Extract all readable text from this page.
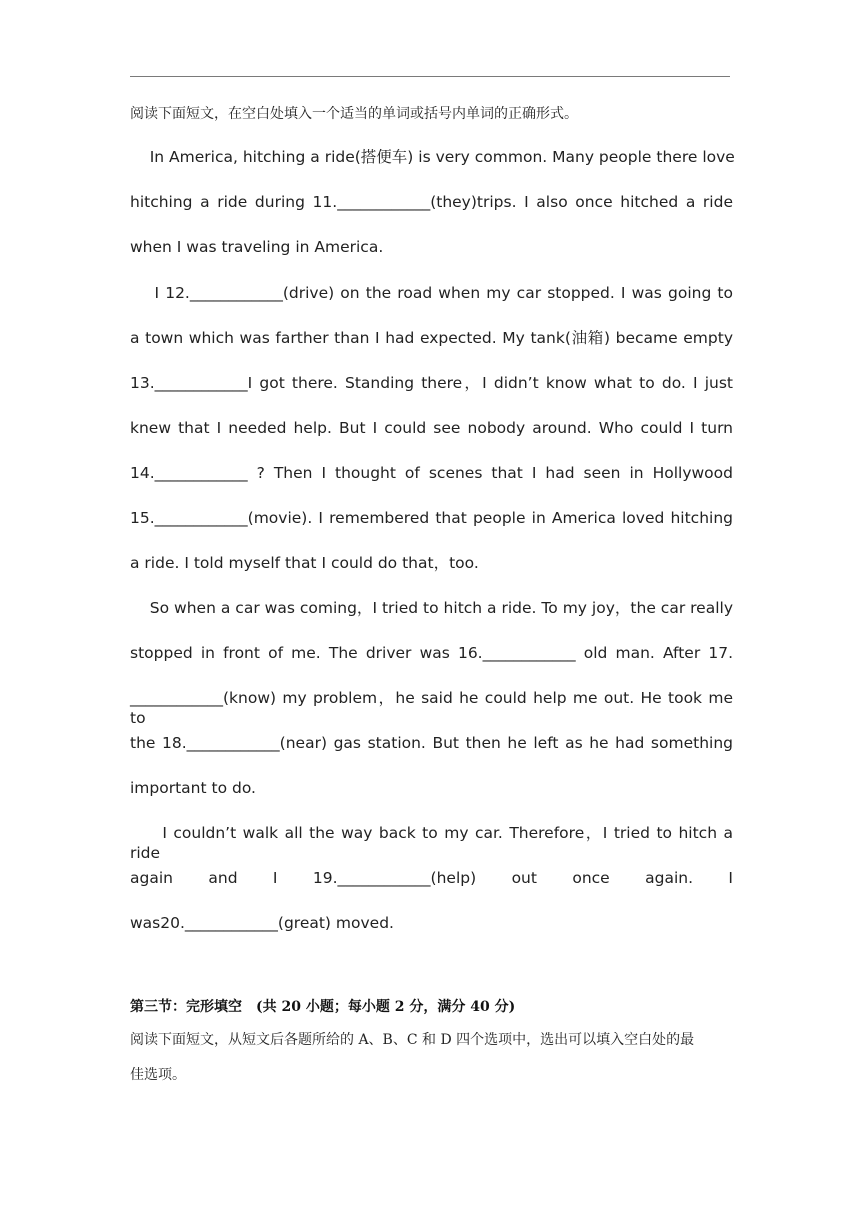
阅读下面短文，在空白处填入一个适当的单词或括号内单词的正确形式。
In America, hitching a ride(搭便车) is very common. Many people there love
hitching a ride during 11.____________(they)trips. I also once hitched a ride
when I was traveling in America.
I 12.____________(drive) on the road when my car stopped. I was going to
a town which was farther than I had expected. My tank(油箱) became empty
13.____________I got there. Standing there，I didn’t know what to do. I just
knew that I needed help. But I could see nobody around. Who could I turn
14.____________ ? Then I thought of scenes that I had seen in Hollywood
15.____________(movie). I remembered that people in America loved hitching
a ride. I told myself that I could do that，too.
So when a car was coming，I tried to hitch a ride. To my joy，the car really
stopped in front of me. The driver was 16.____________ old man. After 17.
____________(know) my problem，he said he could help me out. He took me to
the 18.____________(near) gas station. But then he left as he had something
important to do.
I couldn’t walk all the way back to my car. Therefore，I tried to hitch a ride
again and I 19.____________(help) out once again. I
was20.____________(great) moved.
第三节：完形填空　(共 20 小题；每小题 2 分，满分 40 分)
阅读下面短文，从短文后各题所给的 A、B、C 和 D 四个选项中，选出可以填入空白处的最
佳选项。
